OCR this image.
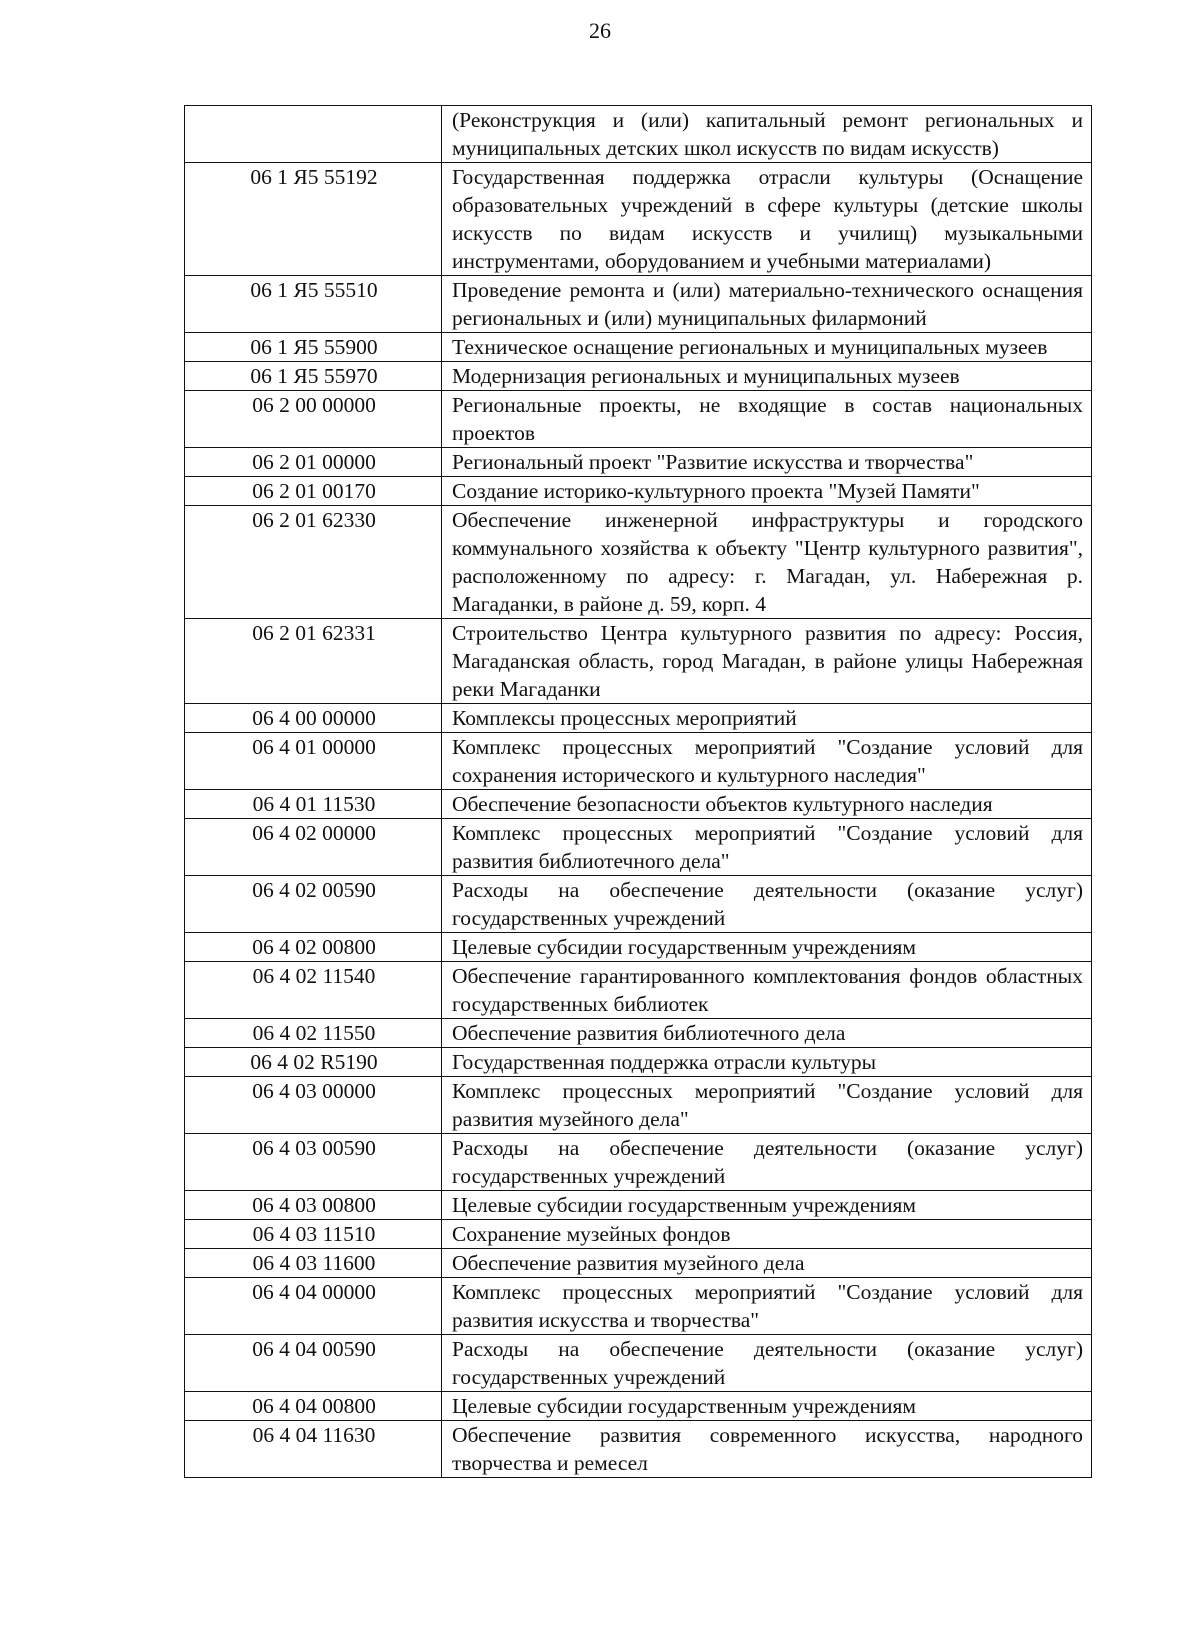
26
	(Реконструкция и (или) капитальный ремонт региональных и муниципальных детских школ искусств по видам искусств)
06 1 Я5 55192	Государственная поддержка отрасли культуры (Оснащение образовательных учреждений в сфере культуры (детские школы искусств по видам искусств и училищ) музыкальными инструментами, оборудованием и учебными материалами)
06 1 Я5 55510	Проведение ремонта и (или) материально-технического оснащения региональных и (или) муниципальных филармоний
06 1 Я5 55900	Техническое оснащение региональных и муниципальных музеев
06 1 Я5 55970	Модернизация региональных и муниципальных музеев
06 2 00 00000	Региональные проекты, не входящие в состав национальных проектов
06 2 01 00000	Региональный проект "Развитие искусства и творчества"
06 2 01 00170	Создание историко-культурного проекта "Музей Памяти"
06 2 01 62330	Обеспечение инженерной инфраструктуры и городского коммунального хозяйства к объекту "Центр культурного развития", расположенному по адресу: г. Магадан, ул. Набережная р. Магаданки, в районе д. 59, корп. 4
06 2 01 62331	Строительство Центра культурного развития по адресу: Россия, Магаданская область, город Магадан, в районе улицы Набережная реки Магаданки
06 4 00 00000	Комплексы процессных мероприятий
06 4 01 00000	Комплекс процессных мероприятий "Создание условий для сохранения исторического и культурного наследия"
06 4 01 11530	Обеспечение безопасности объектов культурного наследия
06 4 02 00000	Комплекс процессных мероприятий "Создание условий для развития библиотечного дела"
06 4 02 00590	Расходы на обеспечение деятельности (оказание услуг) государственных учреждений
06 4 02 00800	Целевые субсидии государственным учреждениям
06 4 02 11540	Обеспечение гарантированного комплектования фондов областных государственных библиотек
06 4 02 11550	Обеспечение развития библиотечного дела
06 4 02 R5190	Государственная поддержка отрасли культуры
06 4 03 00000	Комплекс процессных мероприятий "Создание условий для развития музейного дела"
06 4 03 00590	Расходы на обеспечение деятельности (оказание услуг) государственных учреждений
06 4 03 00800	Целевые субсидии государственным учреждениям
06 4 03 11510	Сохранение музейных фондов
06 4 03 11600	Обеспечение развития музейного дела
06 4 04 00000	Комплекс процессных мероприятий "Создание условий для развития искусства и творчества"
06 4 04 00590	Расходы на обеспечение деятельности (оказание услуг) государственных учреждений
06 4 04 00800	Целевые субсидии государственным учреждениям
06 4 04 11630	Обеспечение развития современного искусства, народного творчества и ремесел
